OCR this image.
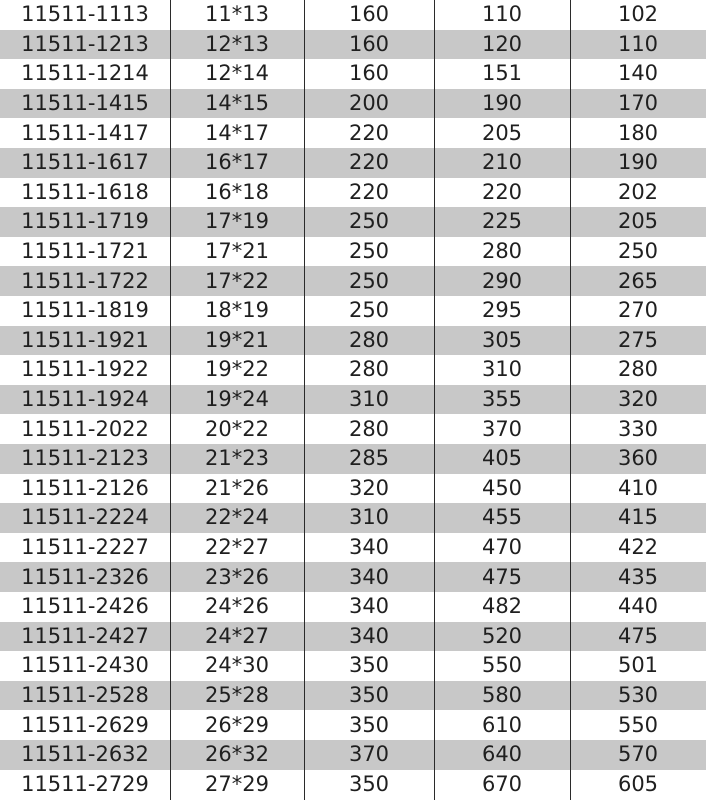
11511-1113	11*13	160	110	102
11511-1213	12*13	160	120	110
11511-1214	12*14	160	151	140
11511-1415	14*15	200	190	170
11511-1417	14*17	220	205	180
11511-1617	16*17	220	210	190
11511-1618	16*18	220	220	202
11511-1719	17*19	250	225	205
11511-1721	17*21	250	280	250
11511-1722	17*22	250	290	265
11511-1819	18*19	250	295	270
11511-1921	19*21	280	305	275
11511-1922	19*22	280	310	280
11511-1924	19*24	310	355	320
11511-2022	20*22	280	370	330
11511-2123	21*23	285	405	360
11511-2126	21*26	320	450	410
11511-2224	22*24	310	455	415
11511-2227	22*27	340	470	422
11511-2326	23*26	340	475	435
11511-2426	24*26	340	482	440
11511-2427	24*27	340	520	475
11511-2430	24*30	350	550	501
11511-2528	25*28	350	580	530
11511-2629	26*29	350	610	550
11511-2632	26*32	370	640	570
11511-2729	27*29	350	670	605
